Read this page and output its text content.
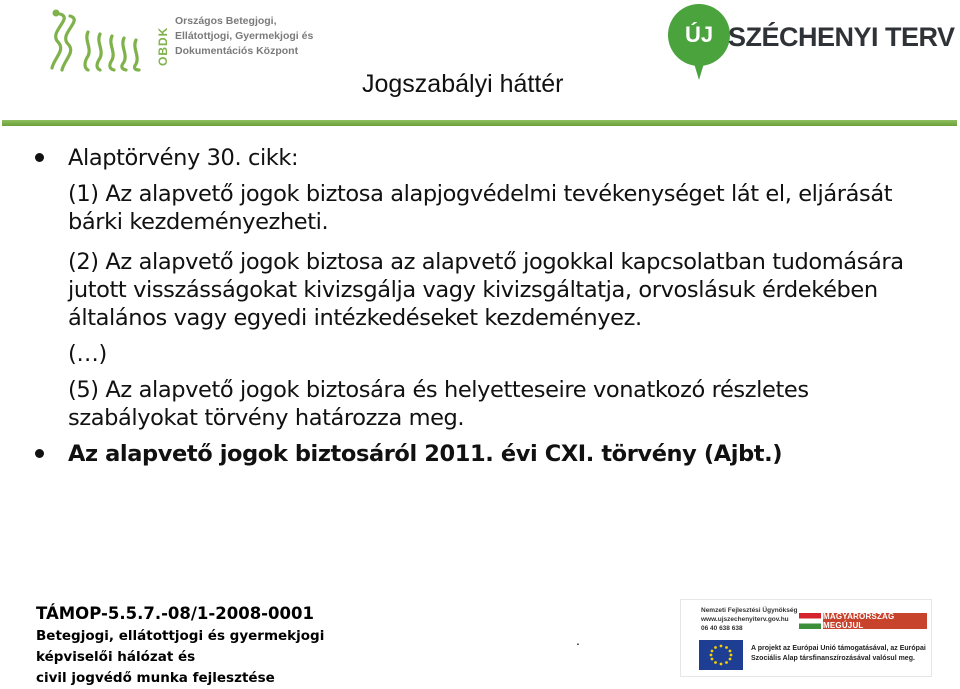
OBDK
Országos Betegjogi,
Ellátottjogi, Gyermekjogi és
Dokumentációs Központ
ÚJ SZÉCHENYI TERV
Jogszabályi háttér
Alaptörvény 30. cikk:

(1) Az alapvető jogok biztosa alapjogvédelmi tevékenységet lát el, eljárását bárki kezdeményezheti.

(2) Az alapvető jogok biztosa az alapvető jogokkal kapcsolatban tudomására jutott visszásságokat kivizsgálja vagy kivizsgáltatja, orvoslásuk érdekében általános vagy egyedi intézkedéseket kezdeményez.

(…)

(5) Az alapvető jogok biztosára és helyetteseire vonatkozó részletes szabályokat törvény határozza meg.

Az alapvető jogok biztosáról 2011. évi CXI. törvény (Ajbt.)
TÁMOP-5.5.7.-08/1-2008-0001
Betegjogi, ellátottjogi és gyermekjogi
képviselői hálózat és
civil jogvédő munka fejlesztése
.
Nemzeti Fejlesztési Ügynökség
www.ujszechenyiterv.gov.hu
06 40 638 638
MAGYARORSZÁG MEGÚJUL
A projekt az Európai Unió támogatásával, az Európai
Szociális Alap társfinanszírozásával valósul meg.
